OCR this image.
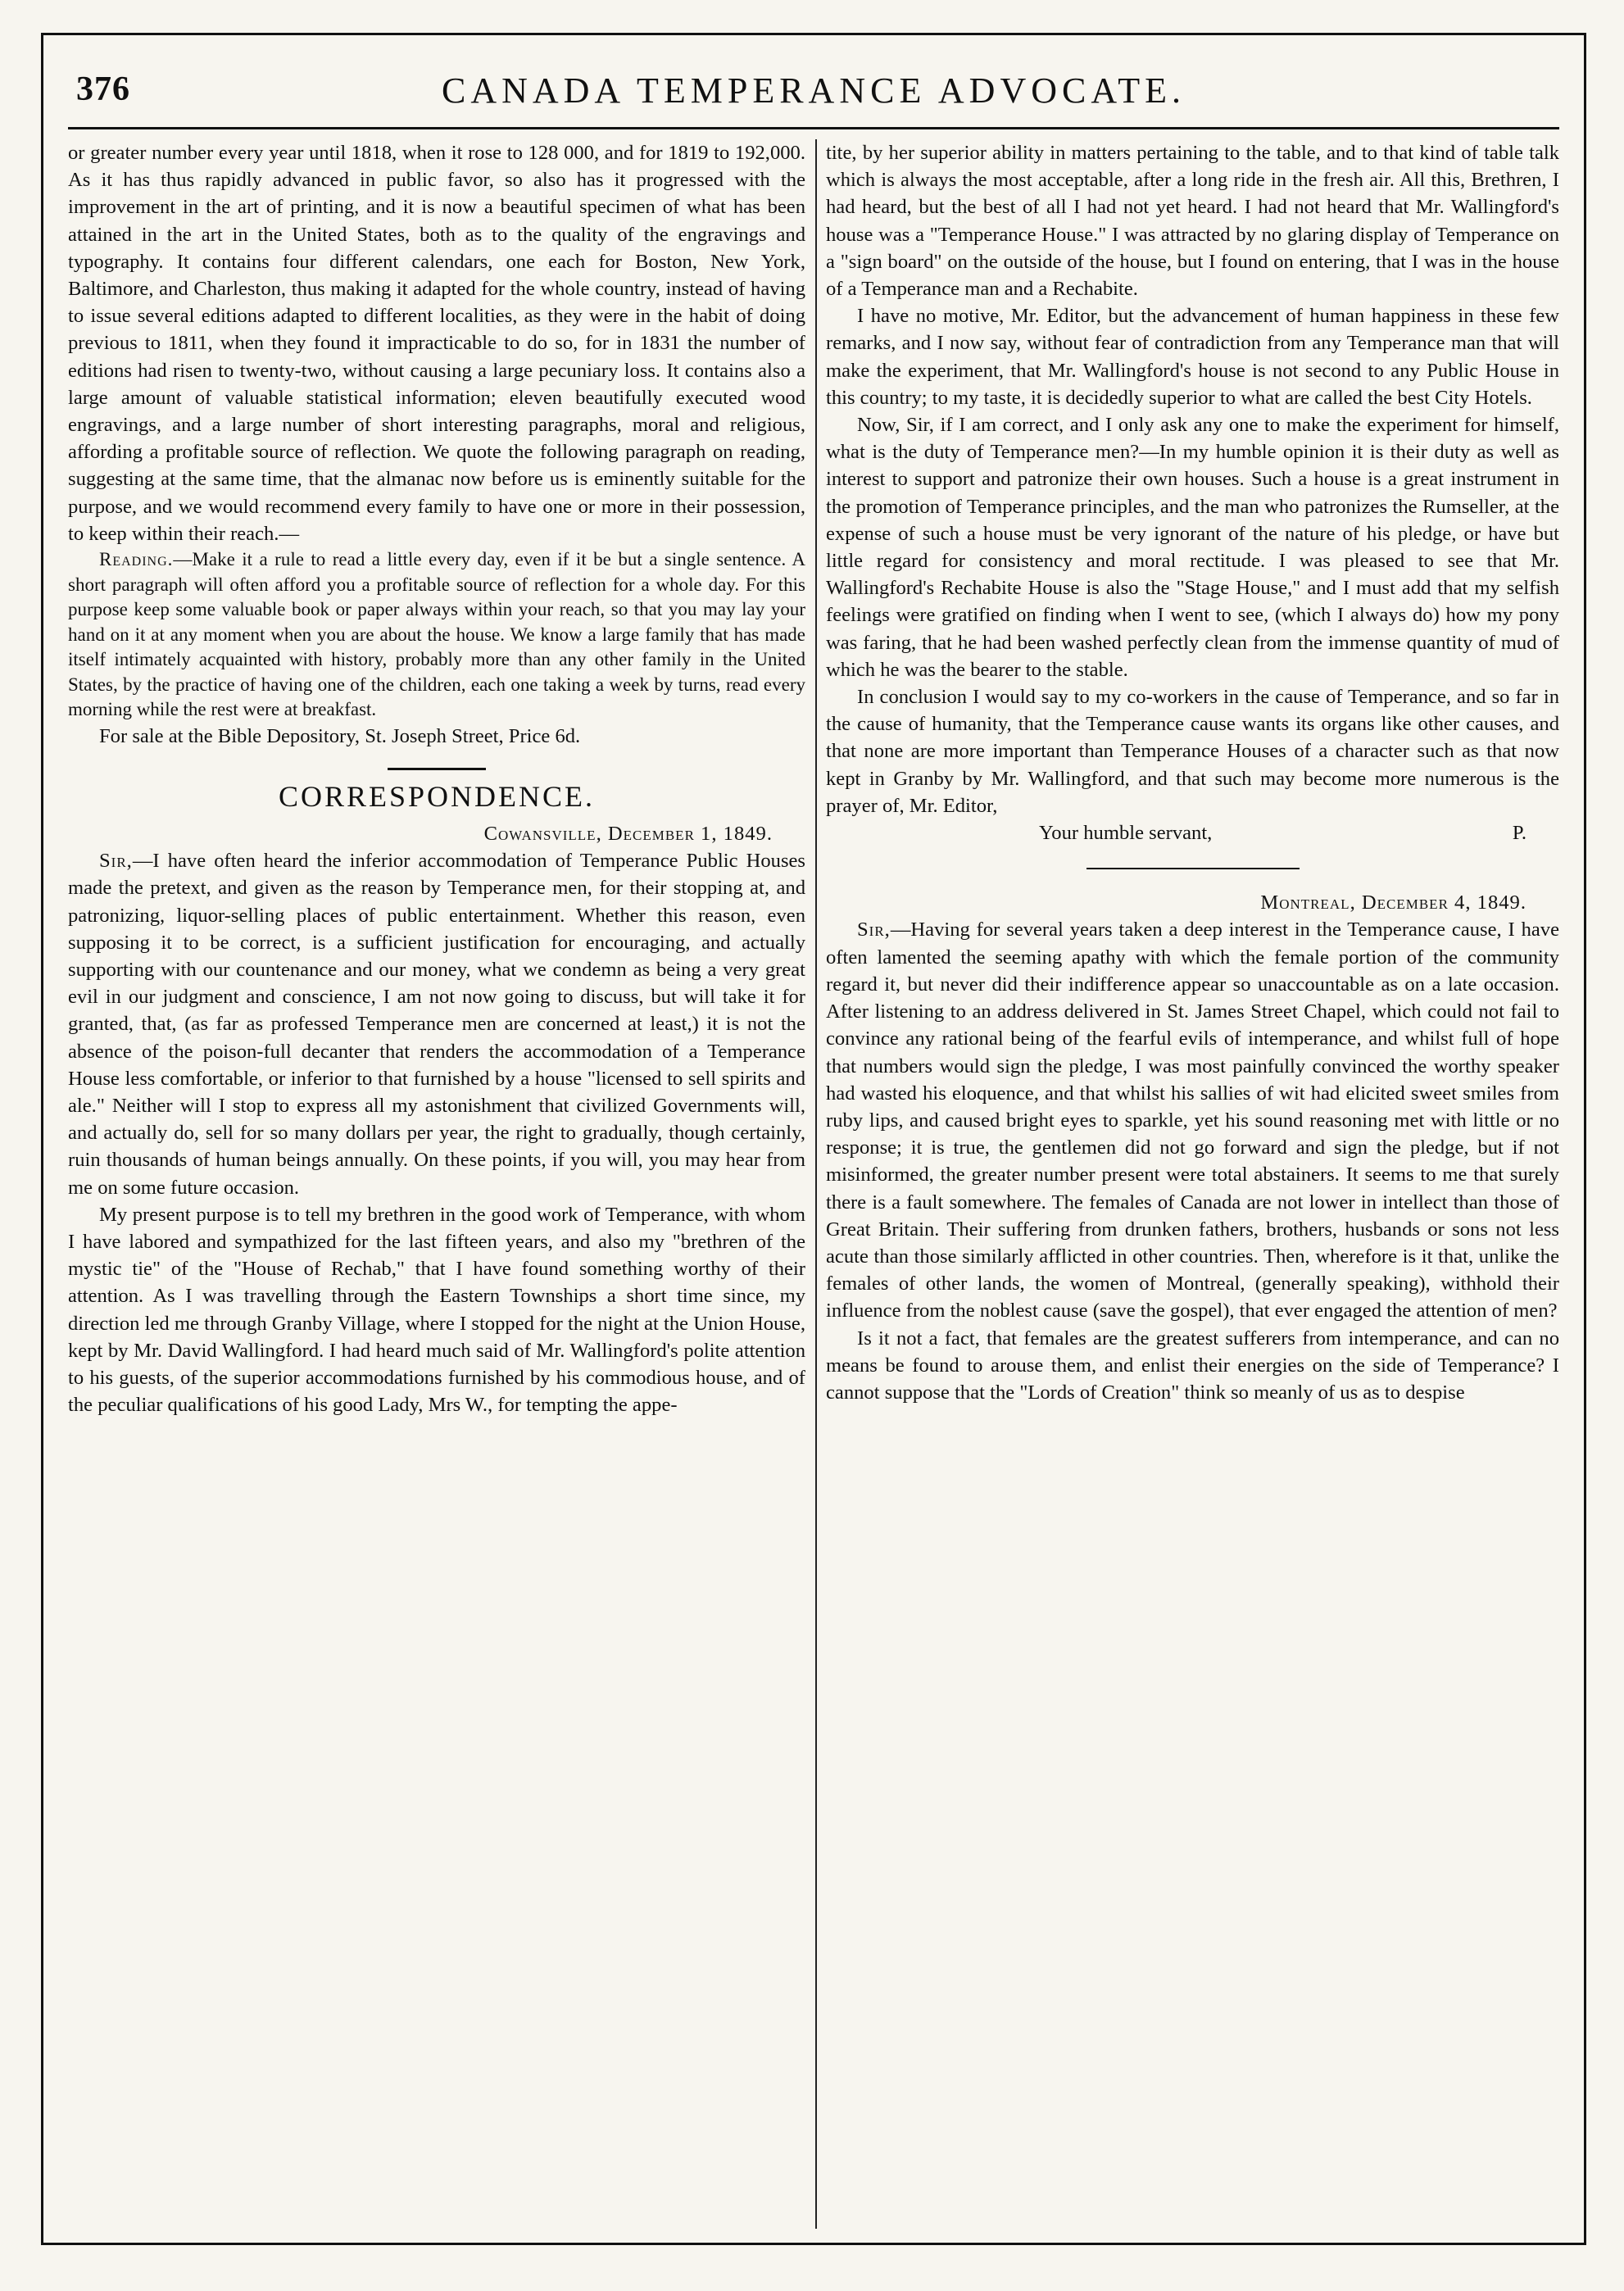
376	CANADA TEMPERANCE ADVOCATE.

or greater number every year until 1818, when it rose to 128 000, and for 1819 to 192,000. As it has thus rapidly advanced in public favor, so also has it progressed with the improvement in the art of printing, and it is now a beautiful specimen of what has been attained in the art in the United States, both as to the quality of the engravings and typography. It contains four different calendars, one each for Boston, New York, Baltimore, and Charleston, thus making it adapted for the whole country, instead of having to issue several editions adapted to different localities, as they were in the habit of doing previous to 1811, when they found it impracticable to do so, for in 1831 the number of editions had risen to twenty-two, without causing a large pecuniary loss. It contains also a large amount of valuable statistical information; eleven beautifully executed wood engravings, and a large number of short interesting paragraphs, moral and religious, affording a profitable source of reflection. We quote the following paragraph on reading, suggesting at the same time, that the almanac now before us is eminently suitable for the purpose, and we would recommend every family to have one or more in their possession, to keep within their reach.—

Reading.—Make it a rule to read a little every day, even if it be but a single sentence. A short paragraph will often afford you a profitable source of reflection for a whole day. For this purpose keep some valuable book or paper always within your reach, so that you may lay your hand on it at any moment when you are about the house. We know a large family that has made itself intimately acquainted with history, probably more than any other family in the United States, by the practice of having one of the children, each one taking a week by turns, read every morning while the rest were at breakfast.

For sale at the Bible Depository, St. Joseph Street, Price 6d.

CORRESPONDENCE.

Cowansville, December 1, 1849.

Sir,—I have often heard the inferior accommodation of Temperance Public Houses made the pretext, and given as the reason by Temperance men, for their stopping at, and patronizing, liquor-selling places of public entertainment. Whether this reason, even supposing it to be correct, is a sufficient justification for encouraging, and actually supporting with our countenance and our money, what we condemn as being a very great evil in our judgment and conscience, I am not now going to discuss, but will take it for granted, that, (as far as professed Temperance men are concerned at least,) it is not the absence of the poison-full decanter that renders the accommodation of a Temperance House less comfortable, or inferior to that furnished by a house "licensed to sell spirits and ale." Neither will I stop to express all my astonishment that civilized Governments will, and actually do, sell for so many dollars per year, the right to gradually, though certainly, ruin thousands of human beings annually. On these points, if you will, you may hear from me on some future occasion.

My present purpose is to tell my brethren in the good work of Temperance, with whom I have labored and sympathized for the last fifteen years, and also my "brethren of the mystic tie" of the "House of Rechab," that I have found something worthy of their attention. As I was travelling through the Eastern Townships a short time since, my direction led me through Granby Village, where I stopped for the night at the Union House, kept by Mr. David Wallingford. I had heard much said of Mr. Wallingford's polite attention to his guests, of the superior accommodations furnished by his commodious house, and of the peculiar qualifications of his good Lady, Mrs W., for tempting the appe-

tite, by her superior ability in matters pertaining to the table, and to that kind of table talk which is always the most acceptable, after a long ride in the fresh air. All this, Brethren, I had heard, but the best of all I had not yet heard. I had not heard that Mr. Wallingford's house was a "Temperance House." I was attracted by no glaring display of Temperance on a "sign board" on the outside of the house, but I found on entering, that I was in the house of a Temperance man and a Rechabite.

I have no motive, Mr. Editor, but the advancement of human happiness in these few remarks, and I now say, without fear of contradiction from any Temperance man that will make the experiment, that Mr. Wallingford's house is not second to any Public House in this country; to my taste, it is decidedly superior to what are called the best City Hotels.

Now, Sir, if I am correct, and I only ask any one to make the experiment for himself, what is the duty of Temperance men?—In my humble opinion it is their duty as well as interest to support and patronize their own houses. Such a house is a great instrument in the promotion of Temperance principles, and the man who patronizes the Rumseller, at the expense of such a house must be very ignorant of the nature of his pledge, or have but little regard for consistency and moral rectitude. I was pleased to see that Mr. Wallingford's Rechabite House is also the "Stage House," and I must add that my selfish feelings were gratified on finding when I went to see, (which I always do) how my pony was faring, that he had been washed perfectly clean from the immense quantity of mud of which he was the bearer to the stable.

In conclusion I would say to my co-workers in the cause of Temperance, and so far in the cause of humanity, that the Temperance cause wants its organs like other causes, and that none are more important than Temperance Houses of a character such as that now kept in Granby by Mr. Wallingford, and that such may become more numerous is the prayer of, Mr. Editor,

Your humble servant,	P.

Montreal, December 4, 1849.

Sir,—Having for several years taken a deep interest in the Temperance cause, I have often lamented the seeming apathy with which the female portion of the community regard it, but never did their indifference appear so unaccountable as on a late occasion. After listening to an address delivered in St. James Street Chapel, which could not fail to convince any rational being of the fearful evils of intemperance, and whilst full of hope that numbers would sign the pledge, I was most painfully convinced the worthy speaker had wasted his eloquence, and that whilst his sallies of wit had elicited sweet smiles from ruby lips, and caused bright eyes to sparkle, yet his sound reasoning met with little or no response; it is true, the gentlemen did not go forward and sign the pledge, but if not misinformed, the greater number present were total abstainers. It seems to me that surely there is a fault somewhere. The females of Canada are not lower in intellect than those of Great Britain. Their suffering from drunken fathers, brothers, husbands or sons not less acute than those similarly afflicted in other countries. Then, wherefore is it that, unlike the females of other lands, the women of Montreal, (generally speaking), withhold their influence from the noblest cause (save the gospel), that ever engaged the attention of men?

Is it not a fact, that females are the greatest sufferers from intemperance, and can no means be found to arouse them, and enlist their energies on the side of Temperance? I cannot suppose that the "Lords of Creation" think so meanly of us as to despise
